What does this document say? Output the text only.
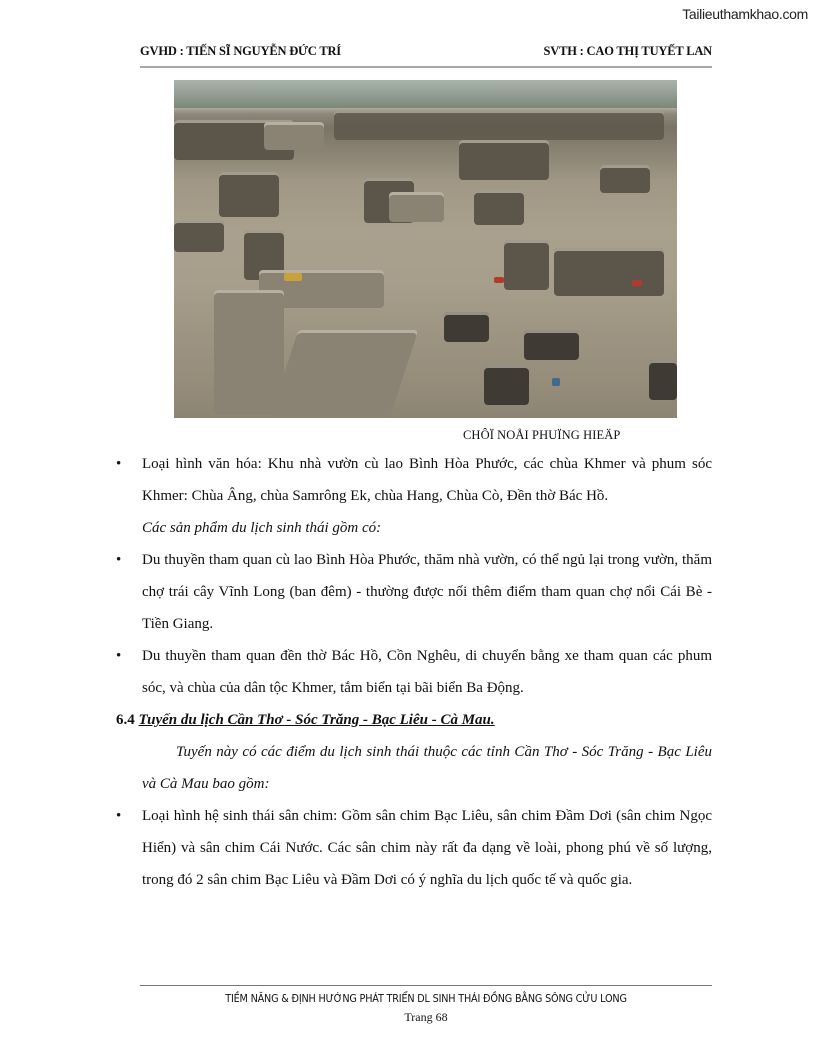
Tailieuthamkhao.com
GVHD : TIẾN SĨ NGUYỄN ĐỨC TRÍ	SVTH : CAO THỊ TUYẾT LAN
CHÔÏ NOÅI PHUÏNG HIEÄP
• Loại hình văn hóa: Khu nhà vườn cù lao Bình Hòa Phước, các chùa Khmer và phum sóc Khmer: Chùa Âng, chùa Samrông Ek, chùa Hang, Chùa Cò, Đền thờ Bác Hồ.
Các sản phẩm du lịch sinh thái gồm có:
• Du thuyền tham quan cù lao Bình Hòa Phước, thăm nhà vườn, có thể ngủ lại trong vườn, thăm chợ trái cây Vĩnh Long (ban đêm) - thường được nối thêm điểm tham quan chợ nổi Cái Bè - Tiền Giang.
• Du thuyền tham quan đền thờ Bác Hồ, Cồn Nghêu, di chuyển bằng xe tham quan các phum sóc, và chùa của dân tộc Khmer, tắm biển tại bãi biển Ba Động.
6.4 Tuyến du lịch Cần Thơ - Sóc Trăng - Bạc Liêu - Cà Mau.
Tuyến này có các điểm du lịch sinh thái thuộc các tỉnh Cần Thơ - Sóc Trăng - Bạc Liêu và Cà Mau bao gồm:
• Loại hình hệ sinh thái sân chim: Gồm sân chim Bạc Liêu, sân chim Đầm Dơi (sân chim Ngọc Hiển) và sân chim Cái Nước. Các sân chim này rất đa dạng về loài, phong phú về số lượng, trong đó 2 sân chim Bạc Liêu và Đầm Dơi có ý nghĩa du lịch quốc tế và quốc gia.
TIỀM NĂNG & ĐỊNH HƯỚNG PHÁT TRIỂN DL SINH THÁI ĐỒNG BẰNG SÔNG CỬU LONG
Trang 68
